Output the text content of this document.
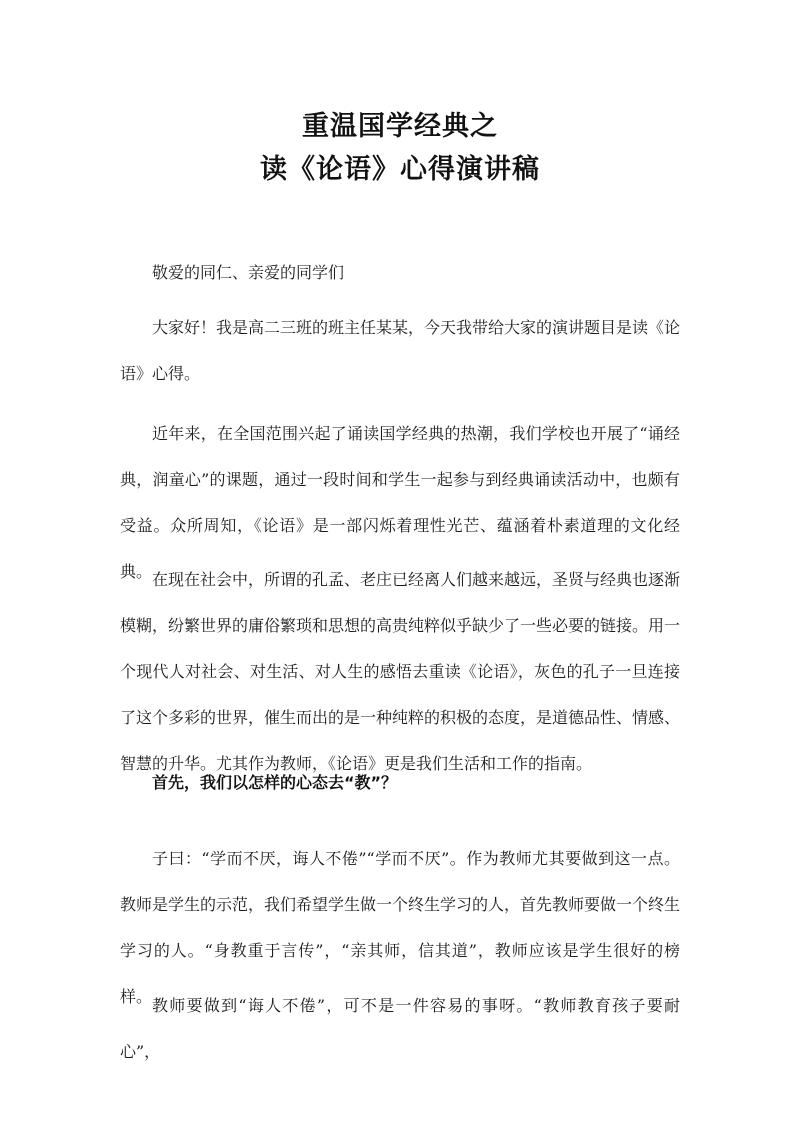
重温国学经典之
读《论语》心得演讲稿
敬爱的同仁、亲爱的同学们
大家好！我是高二三班的班主任某某，今天我带给大家的演讲题目是读《论语》心得。
近年来，在全国范围兴起了诵读国学经典的热潮，我们学校也开展了“诵经典，润童心”的课题，通过一段时间和学生一起参与到经典诵读活动中，也颇有受益。众所周知，《论语》是一部闪烁着理性光芒、蕴涵着朴素道理的文化经典。 在现在社会中，所谓的孔孟、老庄已经离人们越来越远，圣贤与经典也逐渐模糊，纷繁世界的庸俗繁琐和思想的高贵纯粹似乎缺少了一些必要的链接。用一个现代人对社会、对生活、对人生的感悟去重读《论语》，灰色的孔子一旦连接了这个多彩的世界，催生而出的是一种纯粹的积极的态度，是道德品性、情感、智慧的升华。尤其作为教师，《论语》更是我们生活和工作的指南。
首先，我们以怎样的心态去“教”？
子曰：“学而不厌，诲人不倦”“学而不厌”。作为教师尤其要做到这一点。教师是学生的示范，我们希望学生做一个终生学习的人，首先教师要做一个终生学习的人。“身教重于言传”，“亲其师，信其道”，教师应该是学生很好的榜样。 教师要做到“诲人不倦”，可不是一件容易的事呀。“教师教育孩子要耐心”，
